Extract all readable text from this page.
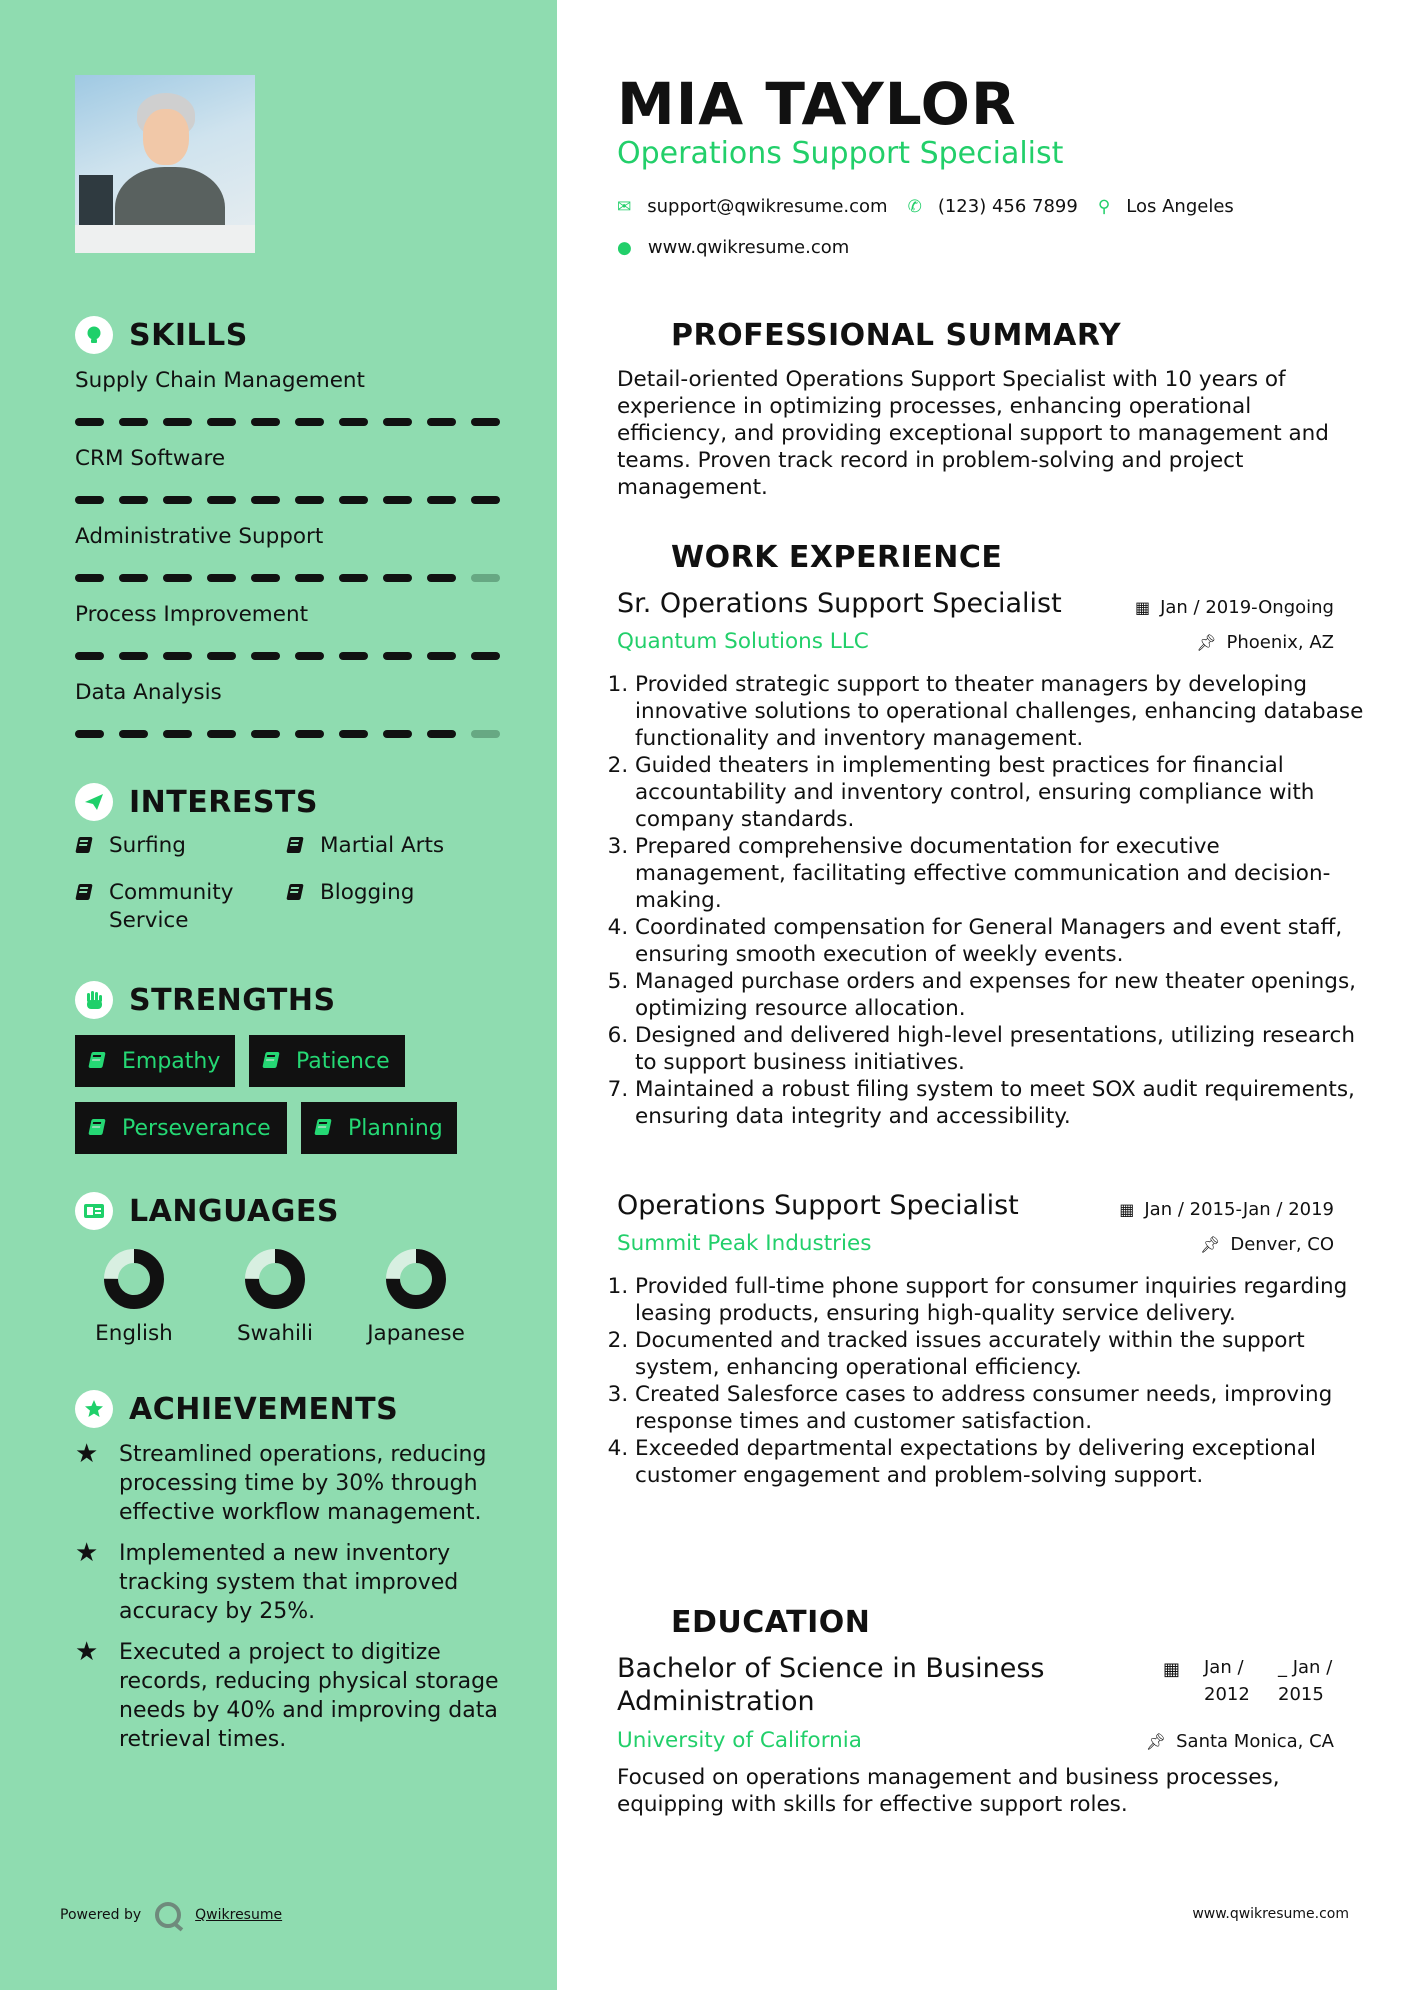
SKILLS
Supply Chain Management
CRM Software
Administrative Support
Process Improvement
Data Analysis
INTERESTS
Surfing	Martial Arts
Community Service
Blogging
STRENGTHS
Empathy	Patience
Perseverance	Planning
LANGUAGES
English	Swahili	Japanese
ACHIEVEMENTS
★ Streamlined operations, reducing processing time by 30% through effective workflow management.
★ Implemented a new inventory tracking system that improved accuracy by 25%.
★ Executed a project to digitize records, reducing physical storage needs by 40% and improving data retrieval times.
Powered by	Qwikresume
MIA TAYLOR
Operations Support Specialist
✉ support@qwikresume.com ✆ (123) 456 7899 ⚲ Los Angeles
● www.qwikresume.com
PROFESSIONAL SUMMARY
Detail-oriented Operations Support Specialist with 10 years of experience in optimizing processes, enhancing operational efficiency, and providing exceptional support to management and teams. Proven track record in problem-solving and project management.
WORK EXPERIENCE
Sr. Operations Support Specialist	▦ Jan / 2019-Ongoing
Quantum Solutions LLC	📌︎ Phoenix, AZ
1. Provided strategic support to theater managers by developing innovative solutions to operational challenges, enhancing database functionality and inventory management.
2. Guided theaters in implementing best practices for financial accountability and inventory control, ensuring compliance with company standards.
3. Prepared comprehensive documentation for executive management, facilitating effective communication and decision-making.
4. Coordinated compensation for General Managers and event staff, ensuring smooth execution of weekly events.
5. Managed purchase orders and expenses for new theater openings, optimizing resource allocation.
6. Designed and delivered high-level presentations, utilizing research to support business initiatives.
7. Maintained a robust filing system to meet SOX audit requirements, ensuring data integrity and accessibility.
Operations Support Specialist	▦ Jan / 2015-Jan / 2019
Summit Peak Industries	📌︎ Denver, CO
1. Provided full-time phone support for consumer inquiries regarding leasing products, ensuring high-quality service delivery.
2. Documented and tracked issues accurately within the support system, enhancing operational efficiency.
3. Created Salesforce cases to address consumer needs, improving response times and customer satisfaction.
4. Exceeded departmental expectations by delivering exceptional customer engagement and problem-solving support.
EDUCATION
Bachelor of Science in Business Administration
▦ Jan / 2012
_ Jan / 2015
University of California	📌︎ Santa Monica, CA
Focused on operations management and business processes, equipping with skills for effective support roles.
www.qwikresume.com
